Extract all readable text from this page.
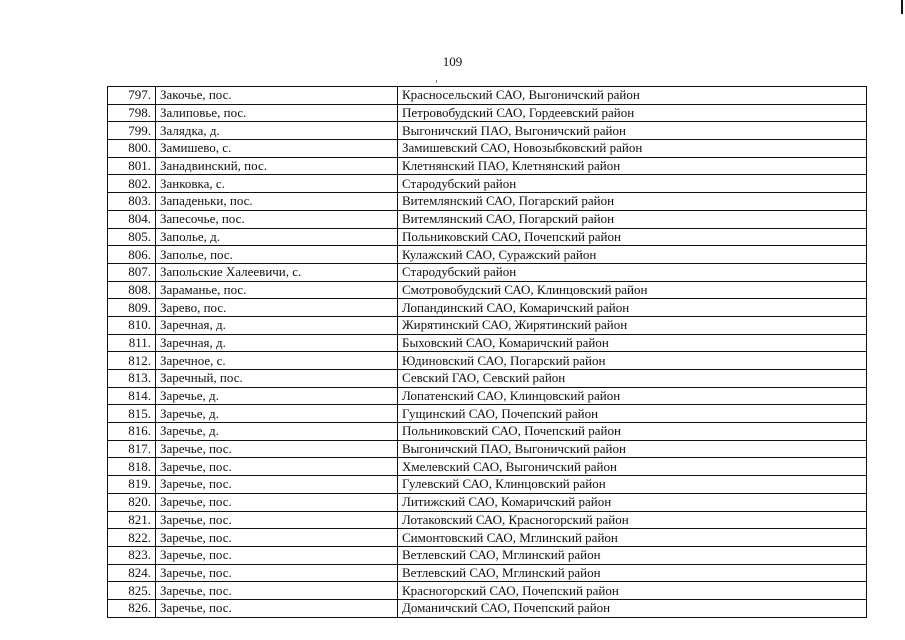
109
797.	Закочье, пос.	Красносельский САО, Выгоничский район
798.	Залиповье, пос.	Петровобудский САО, Гордеевский район
799.	Залядка, д.	Выгоничский ПАО, Выгоничский район
800.	Замишево, с.	Замишевский САО, Новозыбковский район
801.	Занадвинский, пос.	Клетнянский ПАО, Клетнянский район
802.	Занковка, с.	Стародубский район
803.	Западеньки, пос.	Витемлянский САО, Погарский район
804.	Запесочье, пос.	Витемлянский САО, Погарский район
805.	Заполье, д.	Польниковский САО, Почепский район
806.	Заполье, пос.	Кулажский САО, Суражский район
807.	Запольские Халеевичи, с.	Стародубский район
808.	Зараманье, пос.	Смотровобудский САО, Клинцовский район
809.	Зарево, пос.	Лопандинский САО, Комаричский район
810.	Заречная, д.	Жирятинский САО, Жирятинский район
811.	Заречная, д.	Быховский САО, Комаричский район
812.	Заречное, с.	Юдиновский САО, Погарский район
813.	Заречный, пос.	Севский ГАО, Севский район
814.	Заречье, д.	Лопатенский САО, Клинцовский район
815.	Заречье, д.	Гущинский САО, Почепский район
816.	Заречье, д.	Польниковский САО, Почепский район
817.	Заречье, пос.	Выгоничский ПАО, Выгоничский район
818.	Заречье, пос.	Хмелевский САО, Выгоничский район
819.	Заречье, пос.	Гулевский САО, Клинцовский район
820.	Заречье, пос.	Литижский САО, Комаричский район
821.	Заречье, пос.	Лотаковский САО, Красногорский район
822.	Заречье, пос.	Симонтовский САО, Мглинский район
823.	Заречье, пос.	Ветлевский САО, Мглинский район
824.	Заречье, пос.	Ветлевский САО, Мглинский район
825.	Заречье, пос.	Красногорский САО, Почепский район
826.	Заречье, пос.	Доманичский САО, Почепский район
